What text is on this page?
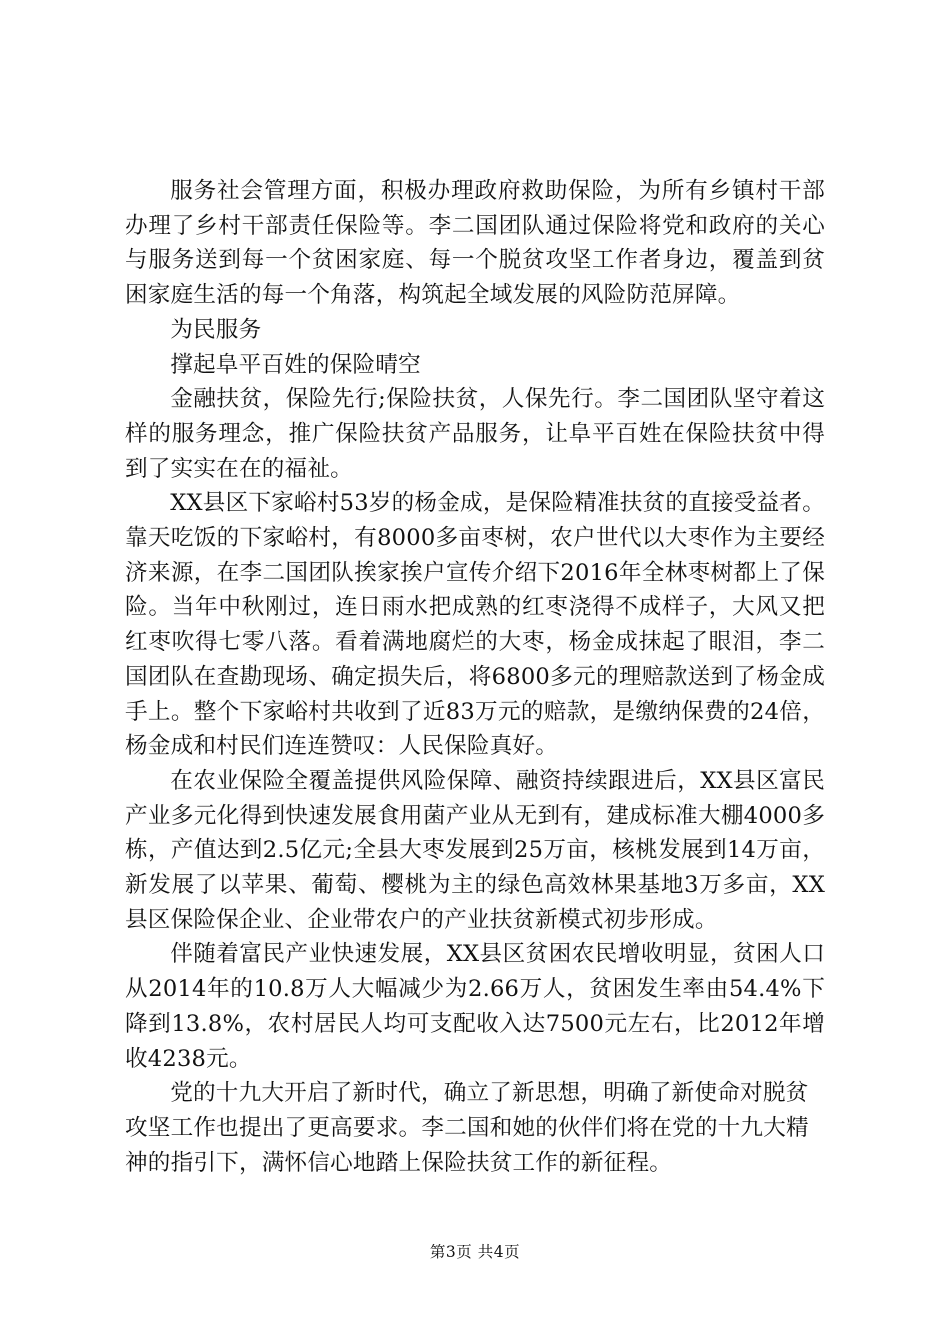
服务社会管理方面，积极办理政府救助保险，为所有乡镇村干部办理了乡村干部责任保险等。李二国团队通过保险将党和政府的关心与服务送到每一个贫困家庭、每一个脱贫攻坚工作者身边，覆盖到贫困家庭生活的每一个角落，构筑起全域发展的风险防范屏障。

为民服务

撑起阜平百姓的保险晴空

金融扶贫，保险先行;保险扶贫，人保先行。李二国团队坚守着这样的服务理念，推广保险扶贫产品服务，让阜平百姓在保险扶贫中得到了实实在在的福祉。

XX县区下家峪村53岁的杨金成，是保险精准扶贫的直接受益者。靠天吃饭的下家峪村，有8000多亩枣树，农户世代以大枣作为主要经济来源，在李二国团队挨家挨户宣传介绍下2016年全林枣树都上了保险。当年中秋刚过，连日雨水把成熟的红枣浇得不成样子，大风又把红枣吹得七零八落。看着满地腐烂的大枣，杨金成抹起了眼泪，李二国团队在查勘现场、确定损失后，将6800多元的理赔款送到了杨金成手上。整个下家峪村共收到了近83万元的赔款，是缴纳保费的24倍，杨金成和村民们连连赞叹：人民保险真好。

在农业保险全覆盖提供风险保障、融资持续跟进后，XX县区富民产业多元化得到快速发展食用菌产业从无到有，建成标准大棚4000多栋，产值达到2.5亿元;全县大枣发展到25万亩，核桃发展到14万亩，新发展了以苹果、葡萄、樱桃为主的绿色高效林果基地3万多亩，XX县区保险保企业、企业带农户的产业扶贫新模式初步形成。

伴随着富民产业快速发展，XX县区贫困农民增收明显，贫困人口从2014年的10.8万人大幅减少为2.66万人，贫困发生率由54.4%下降到13.8%，农村居民人均可支配收入达7500元左右，比2012年增收4238元。

党的十九大开启了新时代，确立了新思想，明确了新使命对脱贫攻坚工作也提出了更高要求。李二国和她的伙伴们将在党的十九大精神的指引下，满怀信心地踏上保险扶贫工作的新征程。

第3页 共4页
